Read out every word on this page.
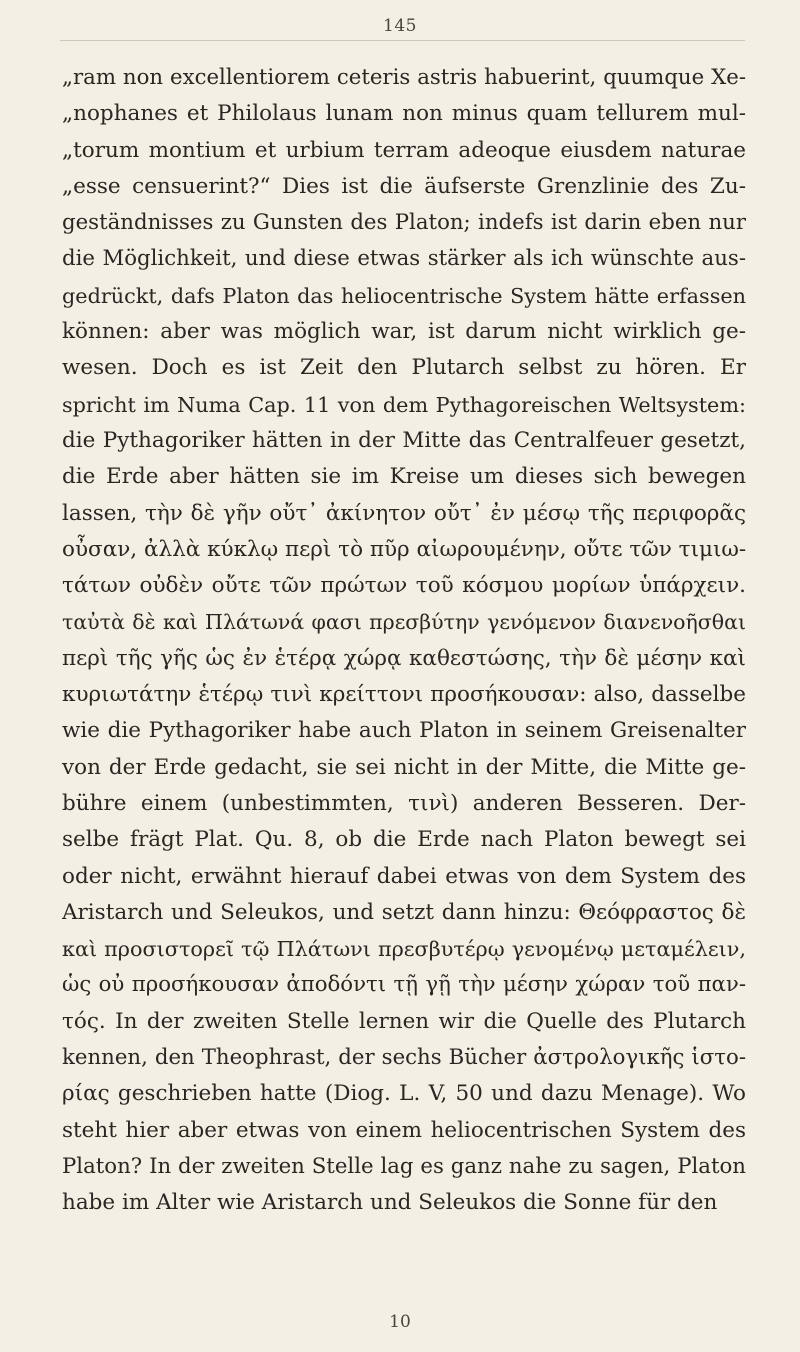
145
„ram non excellentiorem ceteris astris habuerint, quumque Xe-
„nophanes et Philolaus lunam non minus quam tellurem mul-
„torum montium et urbium terram adeoque eiusdem naturae
„esse censuerint?“ Dies ist die äufserste Grenzlinie des Zu-
geständnisses zu Gunsten des Platon; indefs ist darin eben nur
die Möglichkeit, und diese etwas stärker als ich wünschte aus-
gedrückt, dafs Platon das heliocentrische System hätte erfassen
können: aber was möglich war, ist darum nicht wirklich ge-
wesen. Doch es ist Zeit den Plutarch selbst zu hören. Er
spricht im Numa Cap. 11 von dem Pythagoreischen Weltsystem:
die Pythagoriker hätten in der Mitte das Centralfeuer gesetzt,
die Erde aber hätten sie im Kreise um dieses sich bewegen
lassen, τὴν δὲ γῆν οὔτ᾿ ἀκίνητον οὔτ᾿ ἐν μέσῳ τῆς περιφορᾶς
οὖσαν, ἀλλὰ κύκλῳ περὶ τὸ πῦρ αἰωρουμένην, οὔτε τῶν τιμιω-
τάτων οὐδὲν οὔτε τῶν πρώτων τοῦ κόσμου μορίων ὑπάρχειν.
ταὐτὰ δὲ καὶ Πλάτωνά φασι πρεσβύτην γενόμενον διανενοῆσθαι
περὶ τῆς γῆς ὡς ἐν ἑτέρᾳ χώρᾳ καθεστώσης, τὴν δὲ μέσην καὶ
κυριωτάτην ἑτέρῳ τινὶ κρείττονι προσήκουσαν: also, dasselbe
wie die Pythagoriker habe auch Platon in seinem Greisenalter
von der Erde gedacht, sie sei nicht in der Mitte, die Mitte ge-
bühre einem (unbestimmten, τινὶ) anderen Besseren. Der-
selbe frägt Plat. Qu. 8, ob die Erde nach Platon bewegt sei
oder nicht, erwähnt hierauf dabei etwas von dem System des
Aristarch und Seleukos, und setzt dann hinzu: Θεόφραστος δὲ
καὶ προσιστορεῖ τῷ Πλάτωνι πρεσβυτέρῳ γενομένῳ μεταμέλειν,
ὡς οὐ προσήκουσαν ἀποδόντι τῇ γῇ τὴν μέσην χώραν τοῦ παν-
τός. In der zweiten Stelle lernen wir die Quelle des Plutarch
kennen, den Theophrast, der sechs Bücher ἀστρολογικῆς ἱστο-
ρίας geschrieben hatte (Diog. L. V, 50 und dazu Menage). Wo
steht hier aber etwas von einem heliocentrischen System des
Platon? In der zweiten Stelle lag es ganz nahe zu sagen, Platon
habe im Alter wie Aristarch und Seleukos die Sonne für den
10
